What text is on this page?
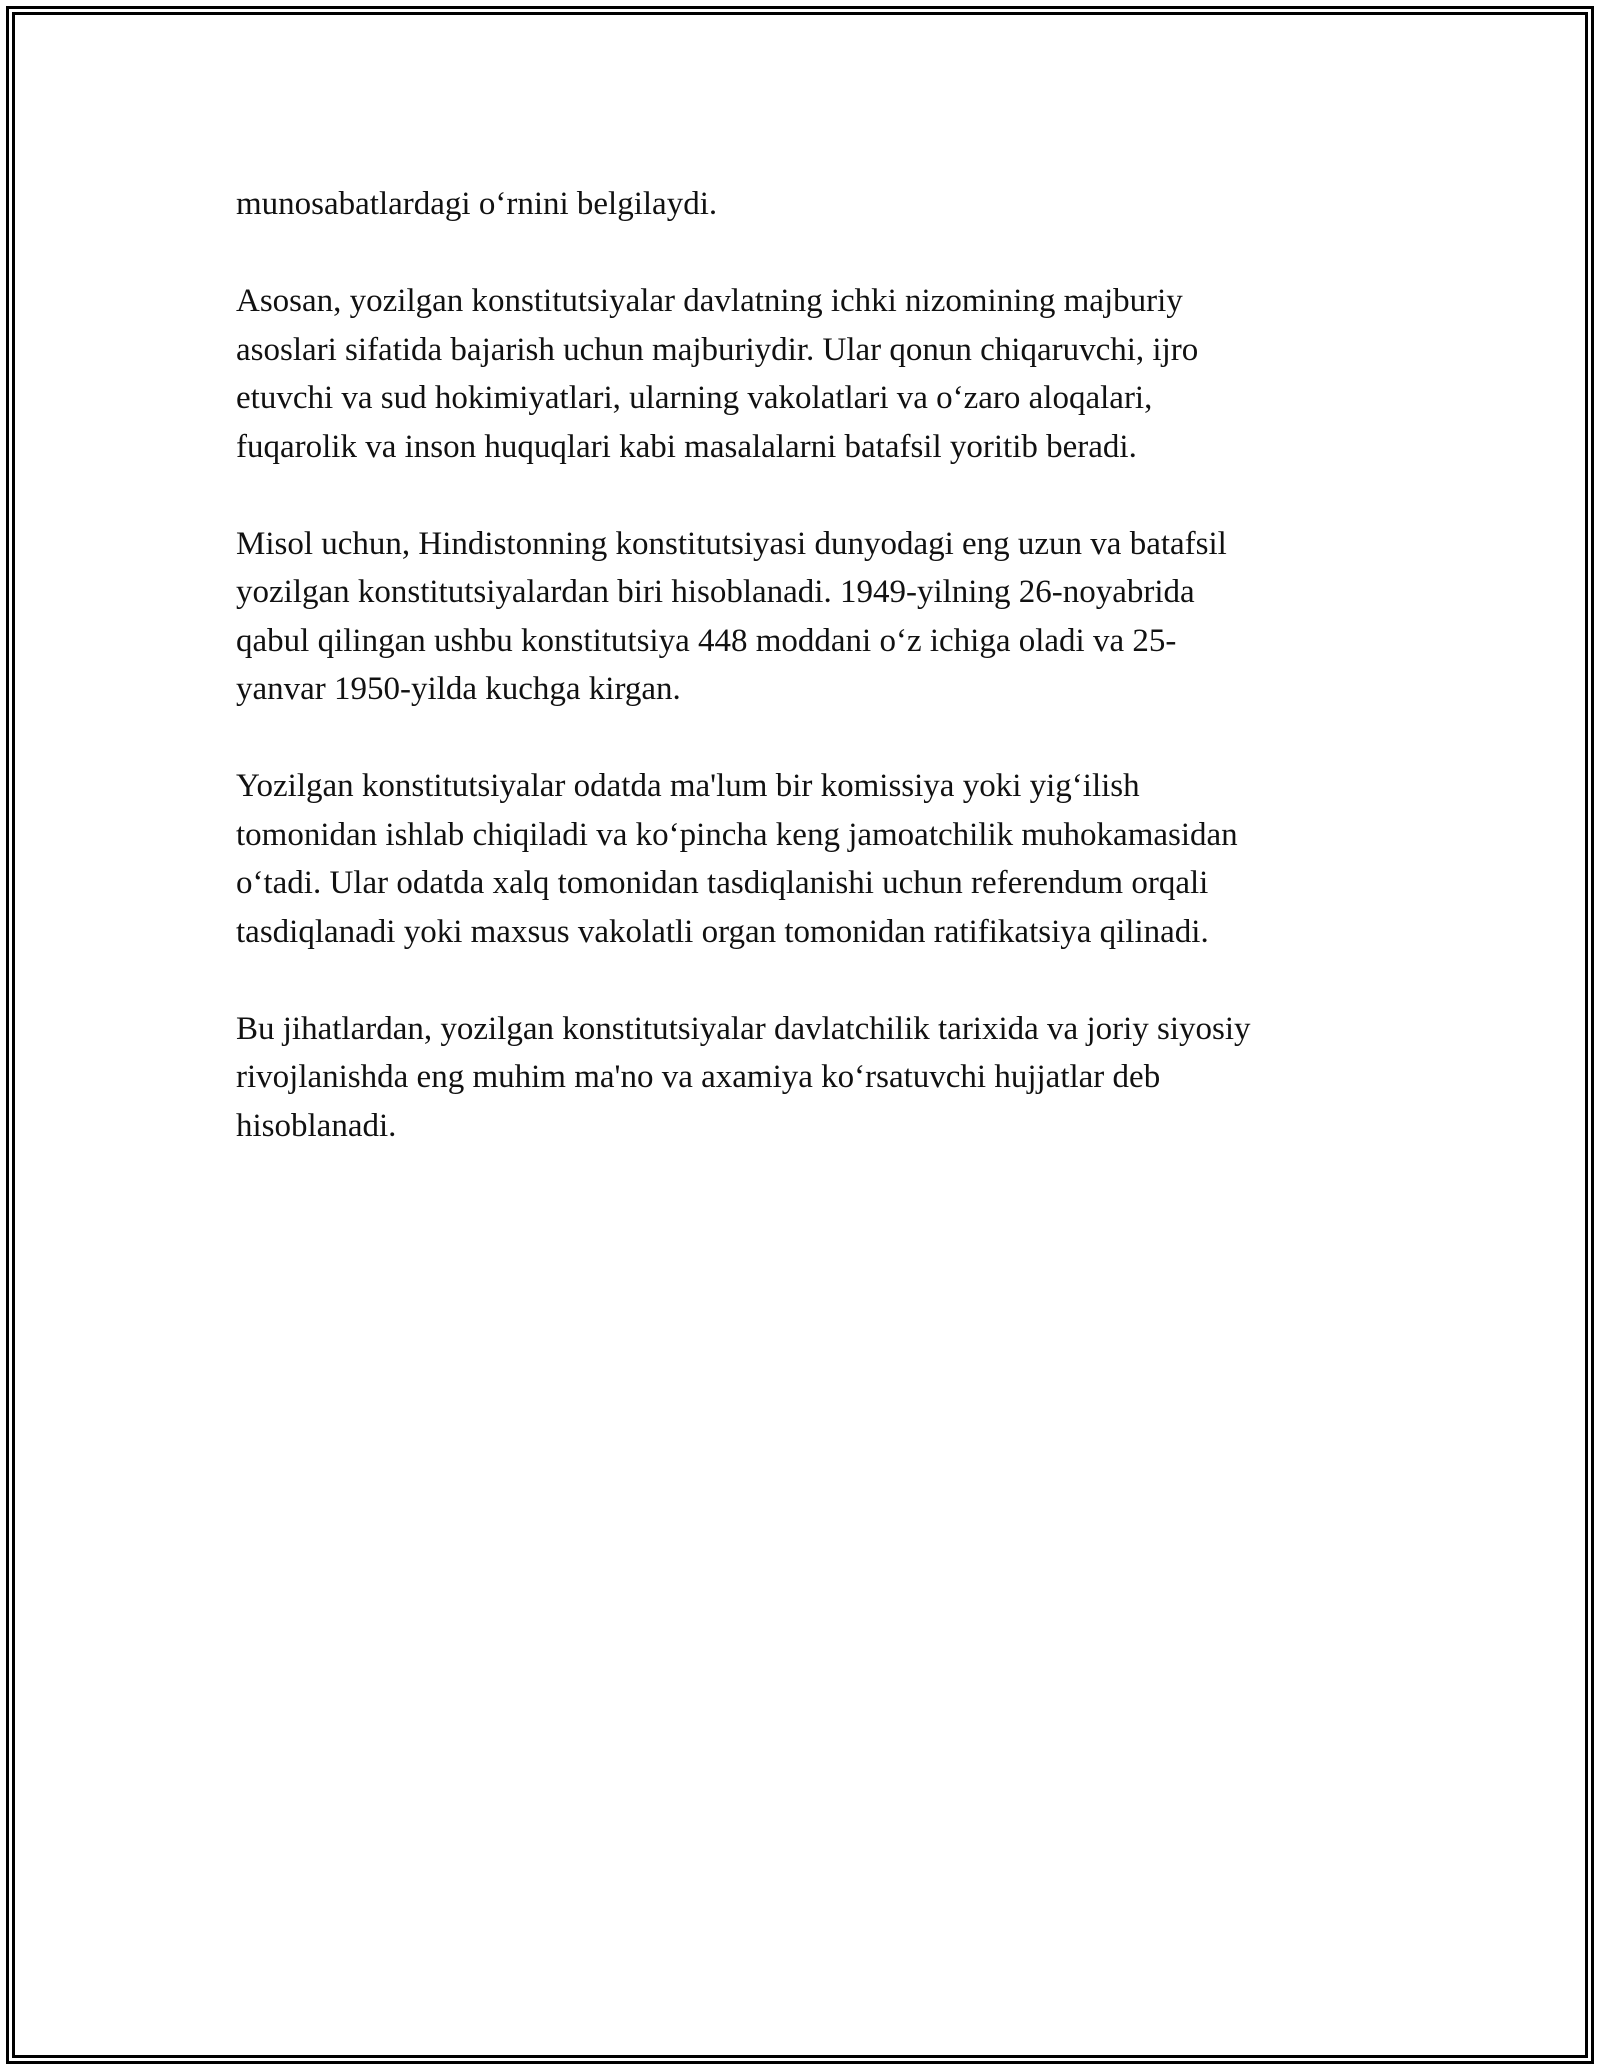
munosabatlardagi o‘rnini belgilaydi.

Asosan, yozilgan konstitutsiyalar davlatning ichki nizomining majburiy
asoslari sifatida bajarish uchun majburiydir. Ular qonun chiqaruvchi, ijro
etuvchi va sud hokimiyatlari, ularning vakolatlari va o‘zaro aloqalari,
fuqarolik va inson huquqlari kabi masalalarni batafsil yoritib beradi.

Misol uchun, Hindistonning konstitutsiyasi dunyodagi eng uzun va batafsil
yozilgan konstitutsiyalardan biri hisoblanadi. 1949-yilning 26-noyabrida
qabul qilingan ushbu konstitutsiya 448 moddani o‘z ichiga oladi va 25-
yanvar 1950-yilda kuchga kirgan.

Yozilgan konstitutsiyalar odatda ma'lum bir komissiya yoki yig‘ilish
tomonidan ishlab chiqiladi va ko‘pincha keng jamoatchilik muhokamasidan
o‘tadi. Ular odatda xalq tomonidan tasdiqlanishi uchun referendum orqali
tasdiqlanadi yoki maxsus vakolatli organ tomonidan ratifikatsiya qilinadi.

Bu jihatlardan, yozilgan konstitutsiyalar davlatchilik tarixida va joriy siyosiy
rivojlanishda eng muhim ma'no va axamiya ko‘rsatuvchi hujjatlar deb
hisoblanadi.
